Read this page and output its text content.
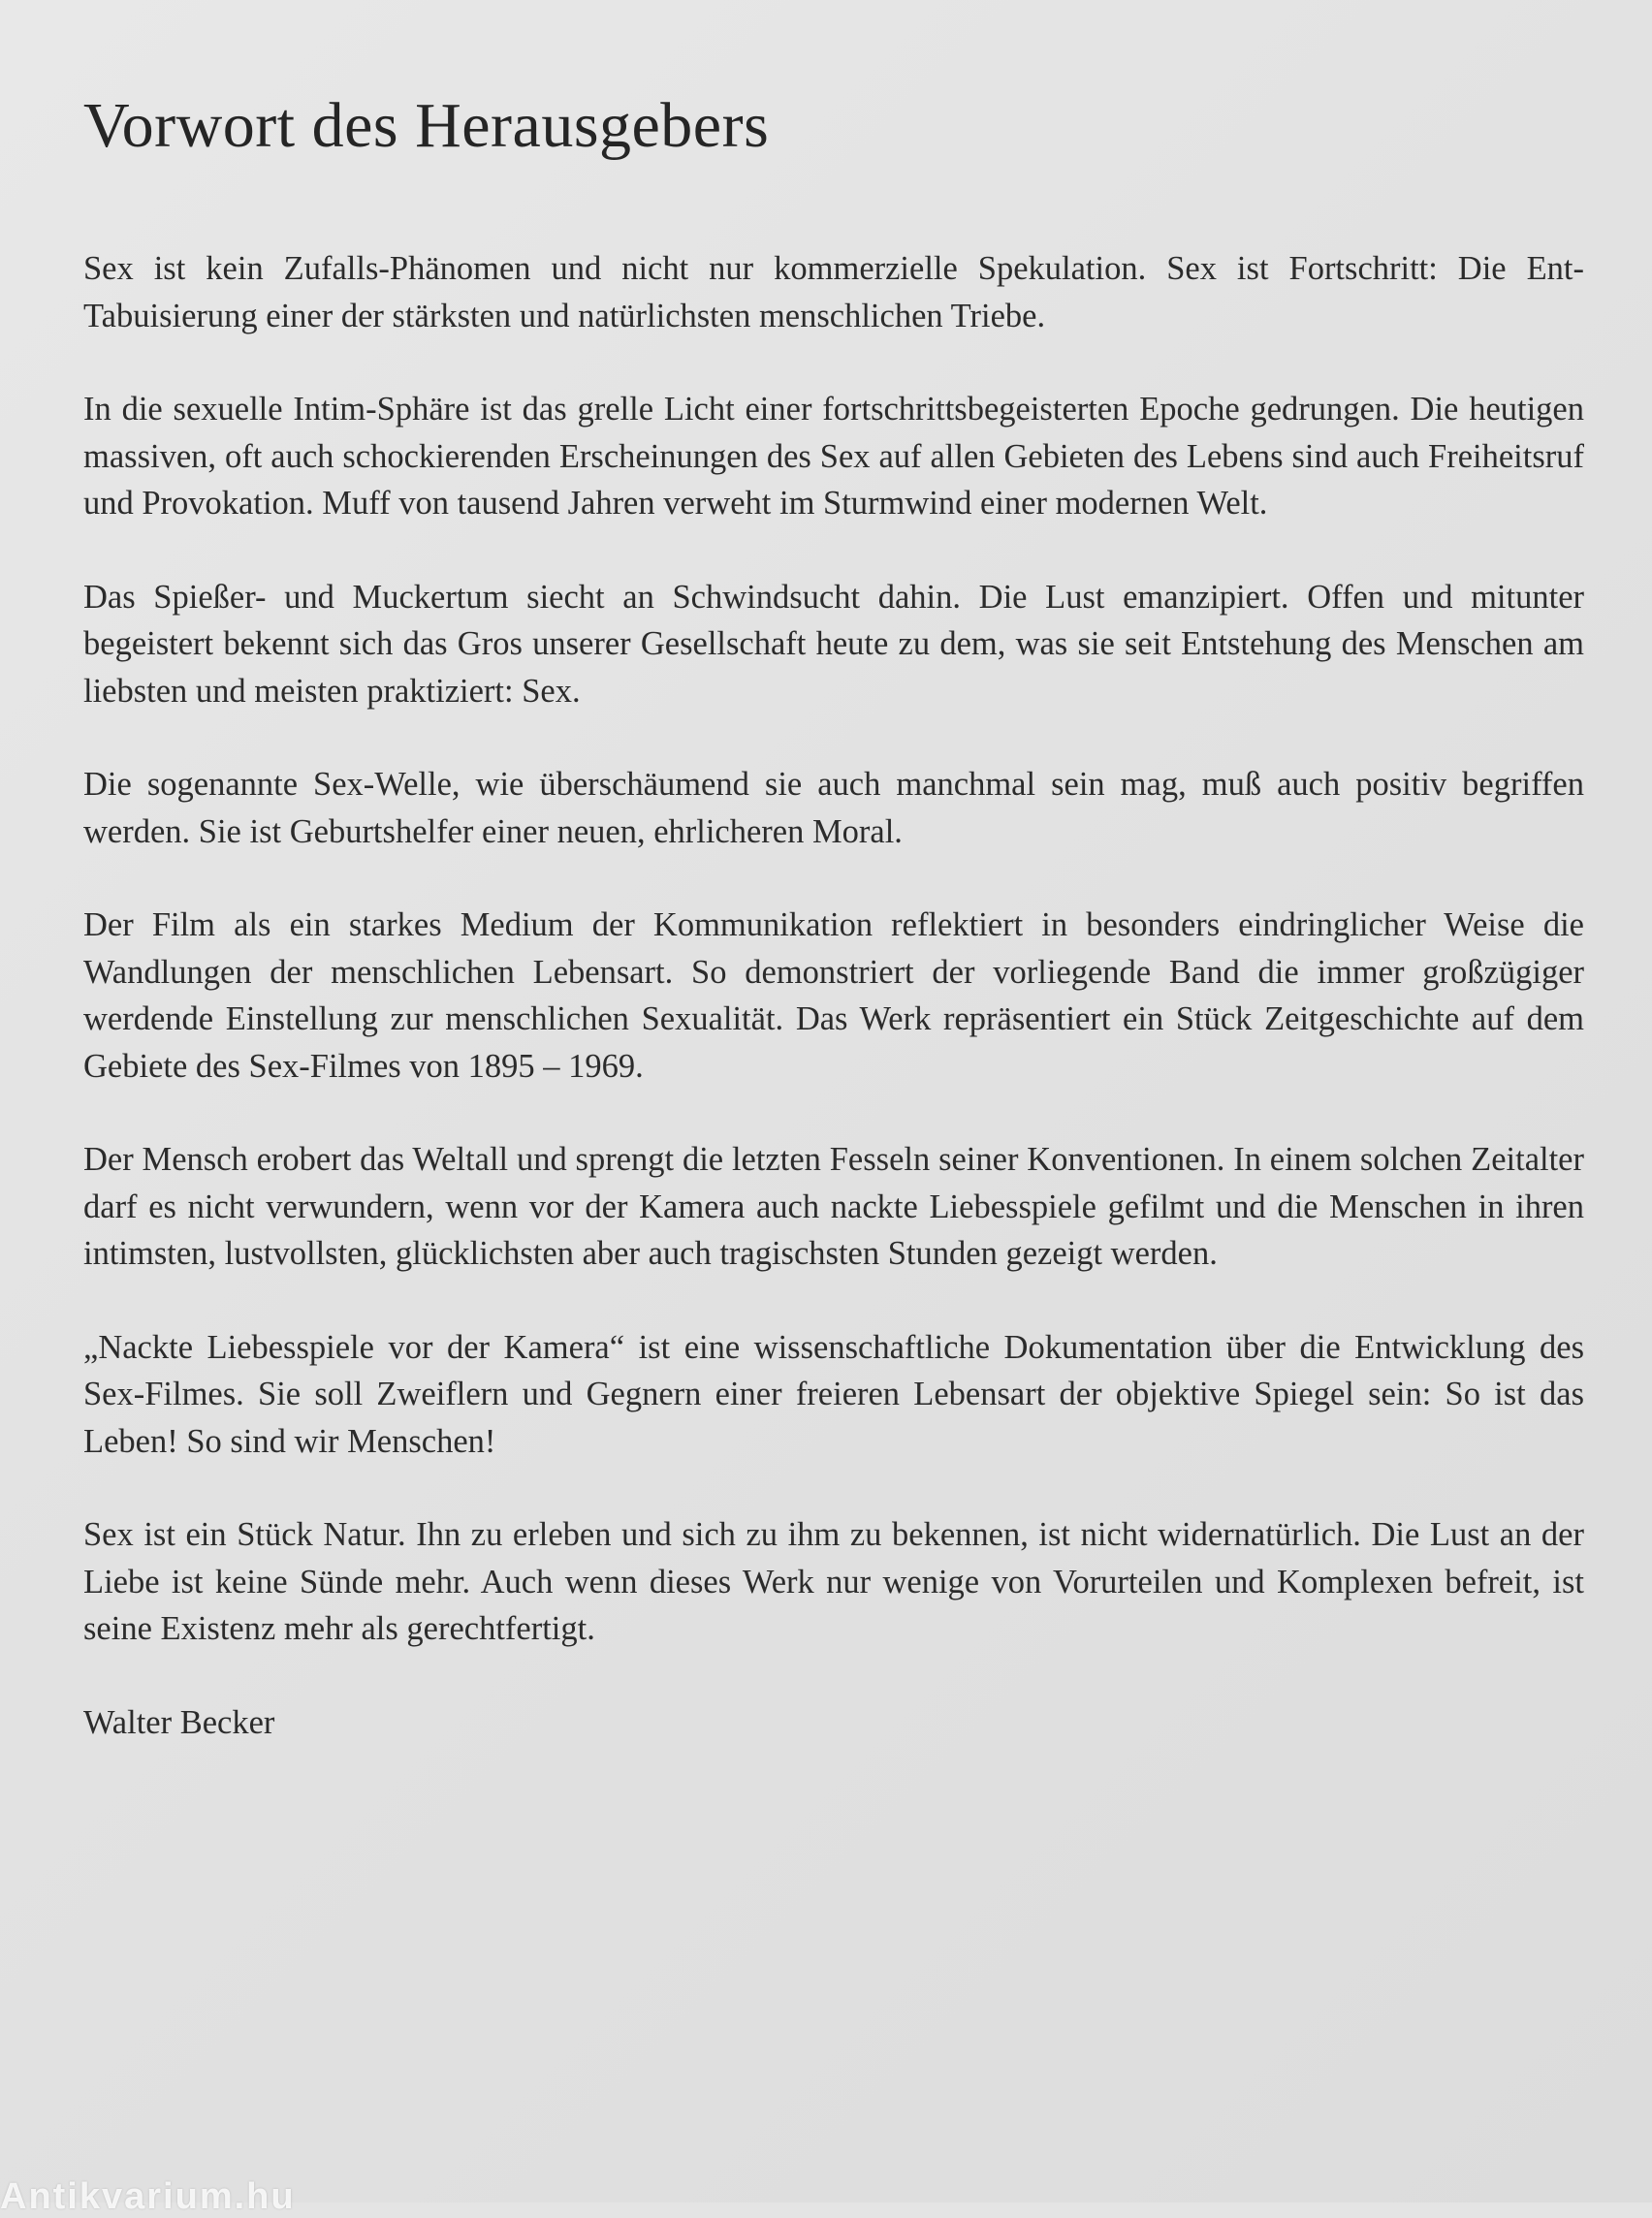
Vorwort des Herausgebers

Sex ist kein Zufalls-Phänomen und nicht nur kommerzielle Spekulation. Sex ist Fortschritt: Die Ent-Tabuisierung einer der stärksten und natürlichsten menschlichen Triebe.

In die sexuelle Intim-Sphäre ist das grelle Licht einer fortschrittsbegeisterten Epoche gedrungen. Die heutigen massiven, oft auch schockierenden Erscheinungen des Sex auf allen Gebieten des Lebens sind auch Freiheitsruf und Provokation. Muff von tausend Jahren verweht im Sturmwind einer modernen Welt.

Das Spießer- und Muckertum siecht an Schwindsucht dahin. Die Lust emanzipiert. Offen und mitunter begeistert bekennt sich das Gros unserer Gesellschaft heute zu dem, was sie seit Entstehung des Menschen am liebsten und meisten praktiziert: Sex.

Die sogenannte Sex-Welle, wie überschäumend sie auch manchmal sein mag, muß auch positiv begriffen werden. Sie ist Geburtshelfer einer neuen, ehrlicheren Moral.

Der Film als ein starkes Medium der Kommunikation reflektiert in besonders eindringlicher Weise die Wandlungen der menschlichen Lebensart. So demonstriert der vorliegende Band die immer großzügiger werdende Einstellung zur menschlichen Sexualität. Das Werk repräsentiert ein Stück Zeitgeschichte auf dem Gebiete des Sex-Filmes von 1895 – 1969.

Der Mensch erobert das Weltall und sprengt die letzten Fesseln seiner Konventionen. In einem solchen Zeitalter darf es nicht verwundern, wenn vor der Kamera auch nackte Liebesspiele gefilmt und die Menschen in ihren intimsten, lustvollsten, glücklichsten aber auch tragischsten Stunden gezeigt werden.

„Nackte Liebesspiele vor der Kamera“ ist eine wissenschaftliche Dokumentation über die Entwicklung des Sex-Filmes. Sie soll Zweiflern und Gegnern einer freieren Lebensart der objektive Spiegel sein: So ist das Leben! So sind wir Menschen!

Sex ist ein Stück Natur. Ihn zu erleben und sich zu ihm zu bekennen, ist nicht widernatürlich. Die Lust an der Liebe ist keine Sünde mehr. Auch wenn dieses Werk nur wenige von Vorurteilen und Komplexen befreit, ist seine Existenz mehr als gerechtfertigt.

Walter Becker

Antikvarium.hu
